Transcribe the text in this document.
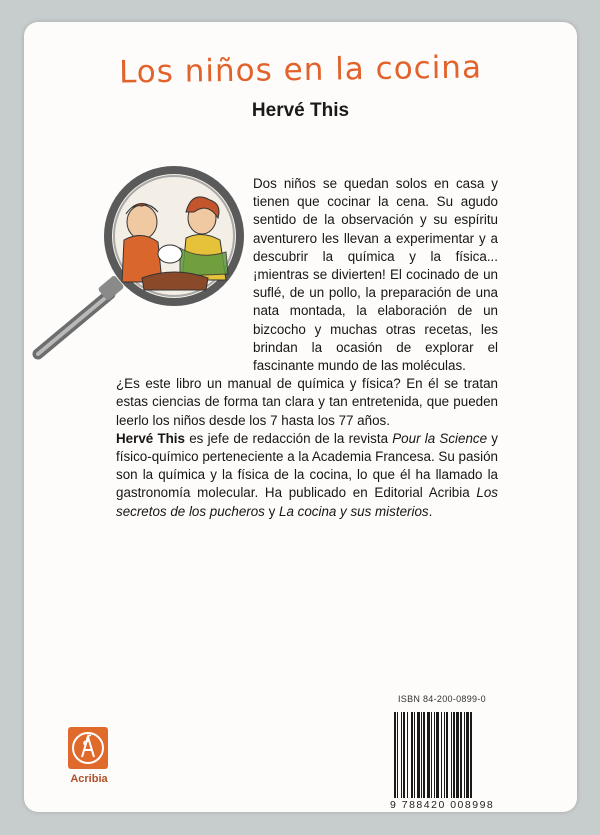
Los niños en la cocina
Hervé This

Dos niños se quedan solos en casa y tienen que cocinar la cena. Su agudo sentido de la observación y su espíritu aventurero les llevan a experimentar y a descubrir la química y la física... ¡mientras se divierten! El cocinado de un suflé, de un pollo, la preparación de una nata montada, la elaboración de un bizcocho y muchas otras recetas, les brindan la ocasión de explorar el fascinante mundo de las moléculas.

¿Es este libro un manual de química y física? En él se tratan estas ciencias de forma tan clara y tan entretenida, que pueden leerlo los niños desde los 7 hasta los 77 años.

Hervé This es jefe de redacción de la revista Pour la Science y físico-químico perteneciente a la Academia Francesa. Su pasión son la química y la física de la cocina, lo que él ha llamado la gastronomía molecular. Ha publicado en Editorial Acribia Los secretos de los pucheros y La cocina y sus misterios.

Acribia
ISBN 84-200-0899-0
9 788420 008998
